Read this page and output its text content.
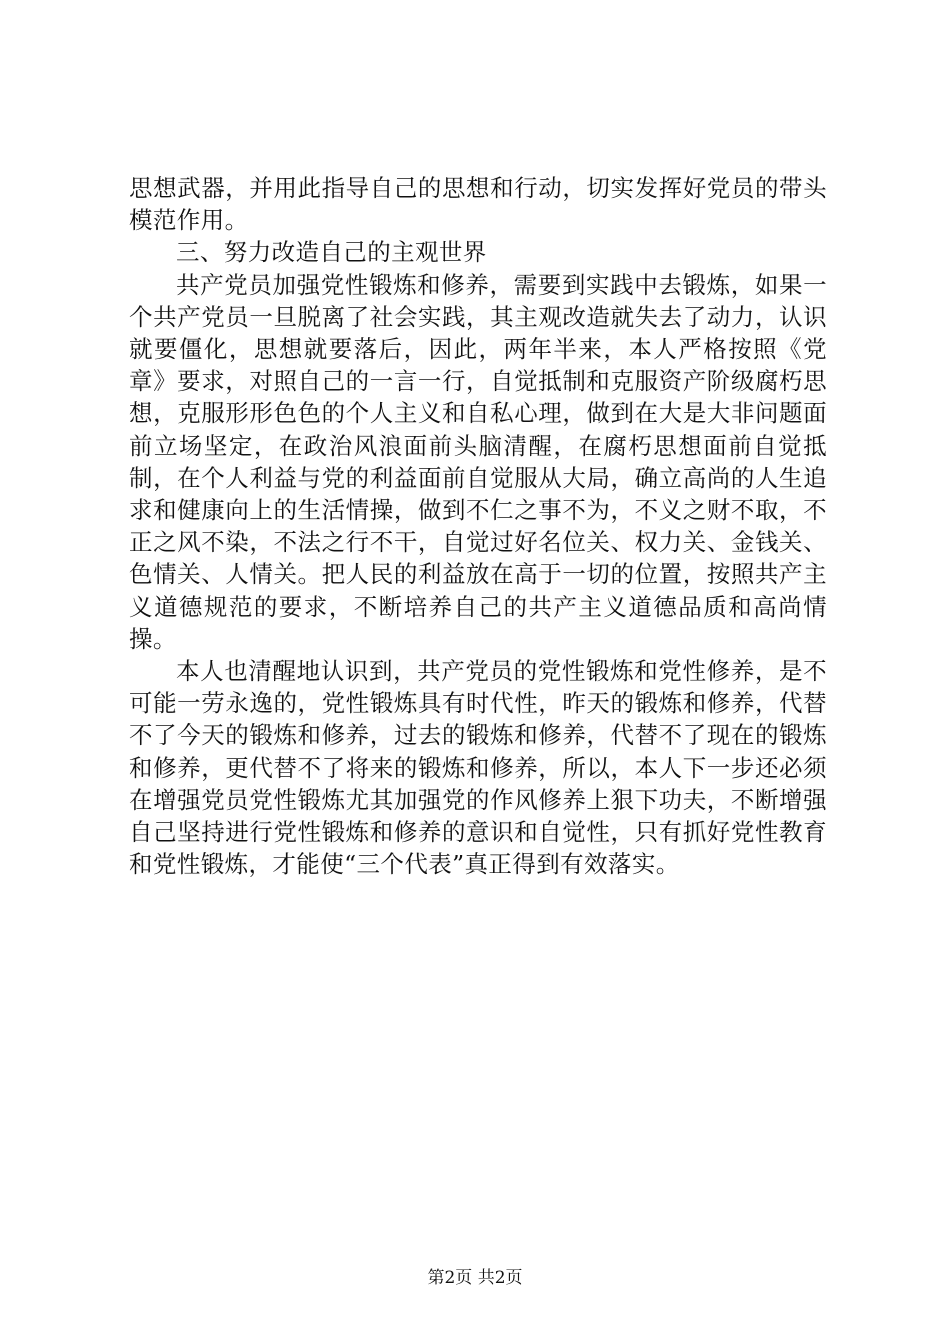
思想武器，并用此指导自己的思想和行动，切实发挥好党员的带头模范作用。

三、努力改造自己的主观世界

共产党员加强党性锻炼和修养，需要到实践中去锻炼，如果一个共产党员一旦脱离了社会实践，其主观改造就失去了动力，认识就要僵化，思想就要落后，因此，两年半来，本人严格按照《党章》要求，对照自己的一言一行，自觉抵制和克服资产阶级腐朽思想，克服形形色色的个人主义和自私心理，做到在大是大非问题面前立场坚定，在政治风浪面前头脑清醒，在腐朽思想面前自觉抵制，在个人利益与党的利益面前自觉服从大局，确立高尚的人生追求和健康向上的生活情操，做到不仁之事不为，不义之财不取，不正之风不染，不法之行不干，自觉过好名位关、权力关、金钱关、色情关、人情关。把人民的利益放在高于一切的位置，按照共产主义道德规范的要求，不断培养自己的共产主义道德品质和高尚情操。

本人也清醒地认识到，共产党员的党性锻炼和党性修养，是不可能一劳永逸的，党性锻炼具有时代性，昨天的锻炼和修养，代替不了今天的锻炼和修养，过去的锻炼和修养，代替不了现在的锻炼和修养，更代替不了将来的锻炼和修养，所以，本人下一步还必须在增强党员党性锻炼尤其加强党的作风修养上狠下功夫，不断增强自己坚持进行党性锻炼和修养的意识和自觉性，只有抓好党性教育和党性锻炼，才能使“三个代表”真正得到有效落实。

第2页 共2页
